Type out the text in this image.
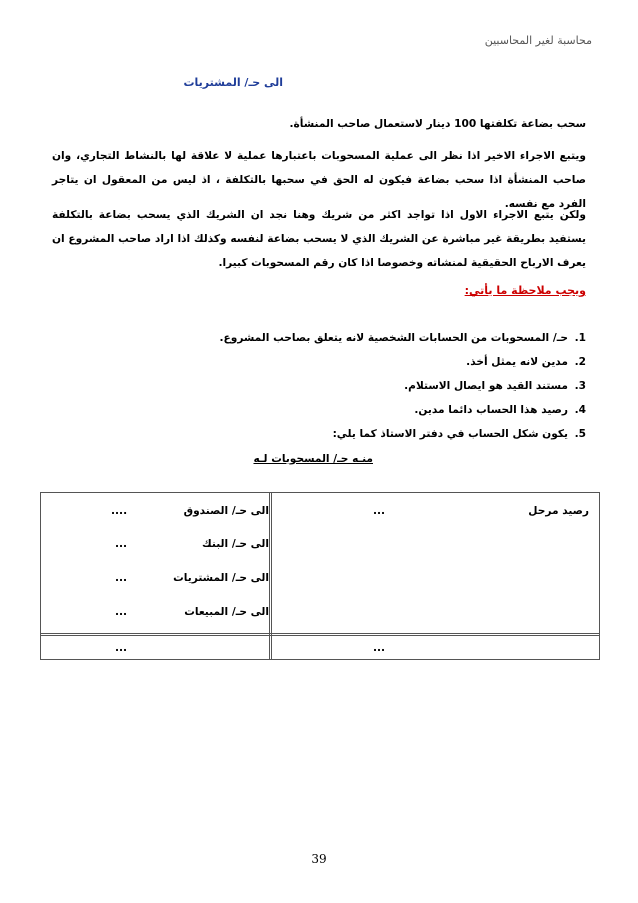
محاسبة لغير المحاسبين
الى حـ/ المشتريات
سحب بضاعة تكلفتها 100 دينار لاستعمال صاحب المنشأة.
ويتبع الاجراء الاخير اذا نظر الى عملية المسحوبات باعتبارها عملية لا علاقة لها بالنشاط التجاري، وان صاحب المنشأة اذا سحب بضاعة فيكون له الحق في سحبها بالتكلفة ، اذ ليس من المعقول ان يتاجر الفرد مع نفسه.
ولكن يتبع الاجراء الاول اذا تواجد اكثر من شريك وهنا نجد ان الشريك الذي يسحب بضاعة بالتكلفة يستفيد بطريقة غير مباشرة عن الشريك الذي لا يسحب بضاعة لنفسه وكذلك اذا اراد صاحب المشروع ان يعرف الارباح الحقيقية لمنشاته وخصوصا اذا كان رقم المسحوبات كبيرا.
ويجب ملاحظة ما يأتي:
1.حـ/ المسحوبات من الحسابات الشخصية لانه يتعلق بصاحب المشروع.
2.مدين لانه يمثل أخذ.
3.مستند القيد هو ايصال الاستلام.
4.رصيد هذا الحساب دائما مدين.
5.يكون شكل الحساب في دفتر الاستاذ كما يلي:
منـه حـ/ المسحوبات لـه
رصيد مرحل
...
الى حـ/ الصندوق
....
الى حـ/ البنك
...
الى حـ/ المشتريات
...
الى حـ/ المبيعات
...
...	...
39
